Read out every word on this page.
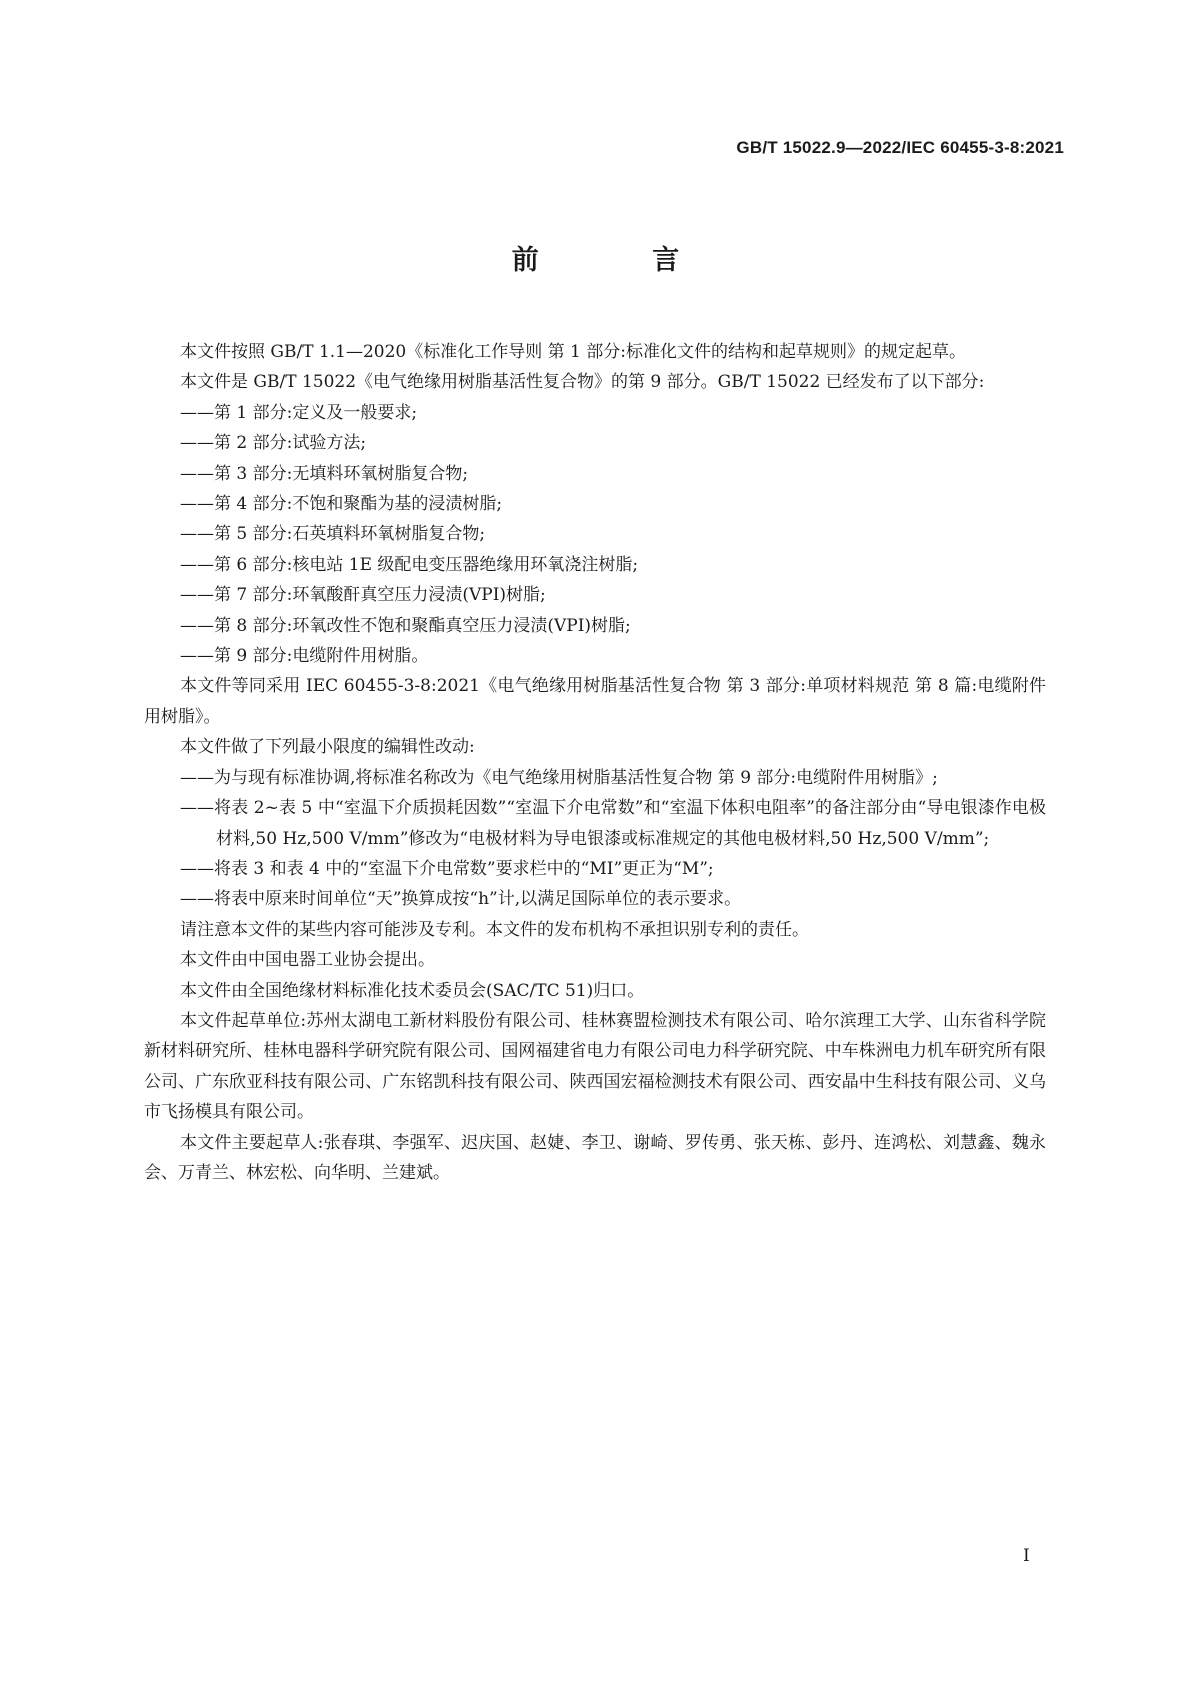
GB/T 15022.9—2022/IEC 60455-3-8:2021
前 言

本文件按照 GB/T 1.1—2020《标准化工作导则 第 1 部分:标准化文件的结构和起草规则》的规定起草。

本文件是 GB/T 15022《电气绝缘用树脂基活性复合物》的第 9 部分。GB/T 15022 已经发布了以下部分:

——第 1 部分:定义及一般要求;

——第 2 部分:试验方法;

——第 3 部分:无填料环氧树脂复合物;

——第 4 部分:不饱和聚酯为基的浸渍树脂;

——第 5 部分:石英填料环氧树脂复合物;

——第 6 部分:核电站 1E 级配电变压器绝缘用环氧浇注树脂;

——第 7 部分:环氧酸酐真空压力浸渍(VPI)树脂;

——第 8 部分:环氧改性不饱和聚酯真空压力浸渍(VPI)树脂;

——第 9 部分:电缆附件用树脂。

本文件等同采用 IEC 60455-3-8:2021《电气绝缘用树脂基活性复合物 第 3 部分:单项材料规范 第 8 篇:电缆附件用树脂》。

本文件做了下列最小限度的编辑性改动:

——为与现有标准协调,将标准名称改为《电气绝缘用树脂基活性复合物 第 9 部分:电缆附件用树脂》;

——将表 2~表 5 中“室温下介质损耗因数”“室温下介电常数”和“室温下体积电阻率”的备注部分由“导电银漆作电极材料,50 Hz,500 V/mm”修改为“电极材料为导电银漆或标准规定的其他电极材料,50 Hz,500 V/mm”;

——将表 3 和表 4 中的“室温下介电常数”要求栏中的“MI”更正为“M”;

——将表中原来时间单位“天”换算成按“h”计,以满足国际单位的表示要求。

请注意本文件的某些内容可能涉及专利。本文件的发布机构不承担识别专利的责任。

本文件由中国电器工业协会提出。

本文件由全国绝缘材料标准化技术委员会(SAC/TC 51)归口。

本文件起草单位:苏州太湖电工新材料股份有限公司、桂林赛盟检测技术有限公司、哈尔滨理工大学、山东省科学院新材料研究所、桂林电器科学研究院有限公司、国网福建省电力有限公司电力科学研究院、中车株洲电力机车研究所有限公司、广东欣亚科技有限公司、广东铭凯科技有限公司、陕西国宏福检测技术有限公司、西安晶中生科技有限公司、义乌市飞扬模具有限公司。

本文件主要起草人:张春琪、李强军、迟庆国、赵婕、李卫、谢崎、罗传勇、张天栋、彭丹、连鸿松、刘慧鑫、魏永会、万青兰、林宏松、向华明、兰建斌。

I
